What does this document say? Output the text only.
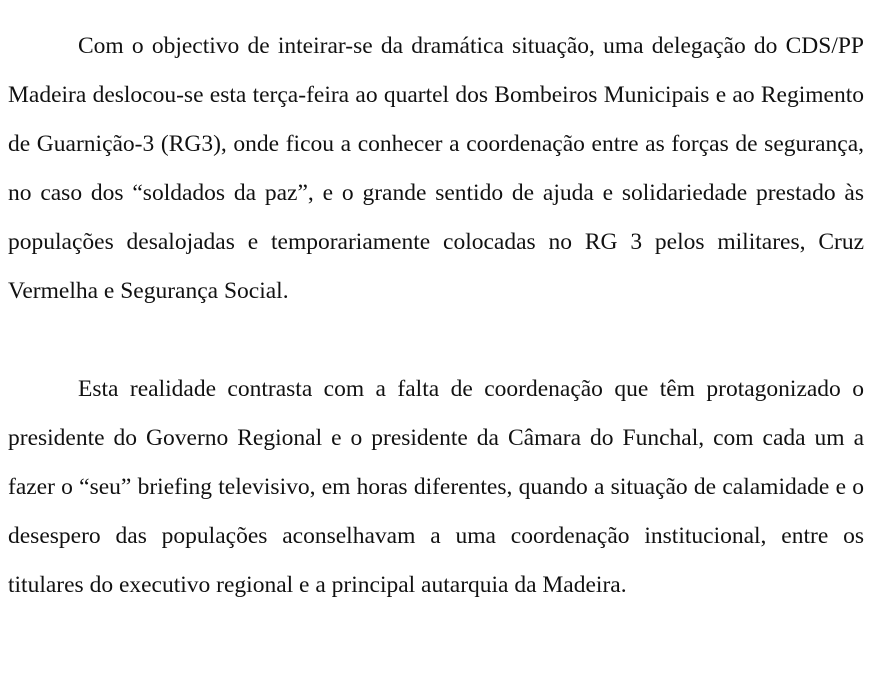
Com o objectivo de inteirar-se da dramática situação, uma delegação do CDS/PP Madeira deslocou-se esta terça-feira ao quartel dos Bombeiros Municipais e ao Regimento de Guarnição-3 (RG3), onde ficou a conhecer a coordenação entre as forças de segurança, no caso dos “soldados da paz”, e o grande sentido de ajuda e solidariedade prestado às populações desalojadas e temporariamente colocadas no RG 3 pelos militares, Cruz Vermelha e Segurança Social.

Esta realidade contrasta com a falta de coordenação que têm protagonizado o presidente do Governo Regional e o presidente da Câmara do Funchal, com cada um a fazer o “seu” briefing televisivo, em horas diferentes, quando a situação de calamidade e o desespero das populações aconselhavam a uma coordenação institucional, entre os titulares do executivo regional e a principal autarquia da Madeira.
